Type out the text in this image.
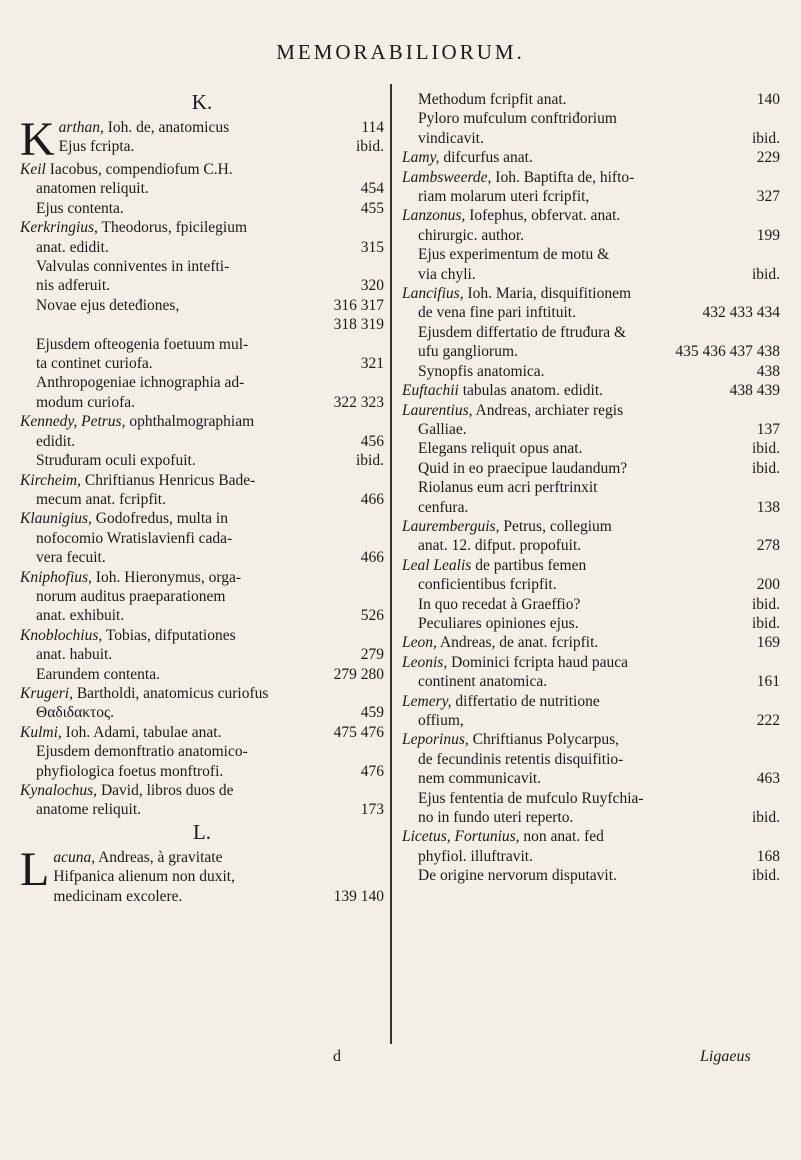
MEMORABILIORUM.
K.
K arthan, Ioh. de, anatomicus	114
Ejus fcripta.	ibid.
Keil Iacobus, compendiofum C.H.
anatomen reliquit.	454
Ejus contenta.	455
Kerkringius, Theodorus, fpicilegium
anat. edidit.	315
Valvulas conniventes in intefti-
nis adferuit.	320
Novae ejus deteđiones,	316 317
318 319
Ejusdem ofteogenia foetuum mul-
ta continet curiofa.	321
Anthropogeniae ichnographia ad-
modum curiofa.	322 323
Kennedy, Petrus, ophthalmographiam
edidit.	456
Struđuram oculi expofuit.	ibid.
Kircheim, Chriftianus Henricus Bade-
mecum anat. fcripfit.	466
Klaunigius, Godofredus, multa in
nofocomio Wratislavienfi cada-
vera fecuit.	466
Kniphofius, Ioh. Hieronymus, orga-
norum auditus praeparationem
anat. exhibuit.	526
Knoblochius, Tobias, difputationes
anat. habuit.	279
Earundem contenta.	279 280
Krugeri, Bartholdi, anatomicus curiofus
Θαδιδακτος.	459
Kulmi, Ioh. Adami, tabulae anat.	475 476
Ejusdem demonftratio anatomico-
phyfiologica foetus monftrofi.	476
Kynalochus, David, libros duos de
anatome reliquit.	173
L.
L acuna, Andreas, à gravitate
Hifpanica alienum non duxit,
medicinam excolere.	139 140
Methodum fcripfit anat.	140
Pyloro mufculum conftriđorium
vindicavit.	ibid.
Lamy, difcurfus anat.	229
Lambsweerde, Ioh. Baptifta de, hifto-
riam molarum uteri fcripfit,	327
Lanzonus, Iofephus, obfervat. anat.
chirurgic. author.	199
Ejus experimentum de motu &
via chyli.	ibid.
Lancifius, Ioh. Maria, disquifitionem
de vena fine pari inftituit.	432 433 434
Ejusdem differtatio de ftruđura &
ufu gangliorum.	435 436 437 438
Synopfis anatomica.	438
Euftachii tabulas anatom. edidit.	438 439
Laurentius, Andreas, archiater regis
Galliae.	137
Elegans reliquit opus anat.	ibid.
Quid in eo praecipue laudandum?	ibid.
Riolanus eum acri perftrinxit
cenfura.	138
Lauremberguis, Petrus, collegium
anat. 12. difput. propofuit.	278
Leal Lealis de partibus femen
conficientibus fcripfit.	200
In quo recedat à Graeffio?	ibid.
Peculiares opiniones ejus.	ibid.
Leon, Andreas, de anat. fcripfit.	169
Leonis, Dominici fcripta haud pauca
continent anatomica.	161
Lemery, differtatio de nutritione
offium,	222
Leporinus, Chriftianus Polycarpus,
de fecundinis retentis disquifitio-
nem communicavit.	463
Ejus fententia de mufculo Ruyfchia-
no in fundo uteri reperto.	ibid.
Licetus, Fortunius, non anat. fed
phyfiol. illuftravit.	168
De origine nervorum disputavit.	ibid.
d	Ligaeus
